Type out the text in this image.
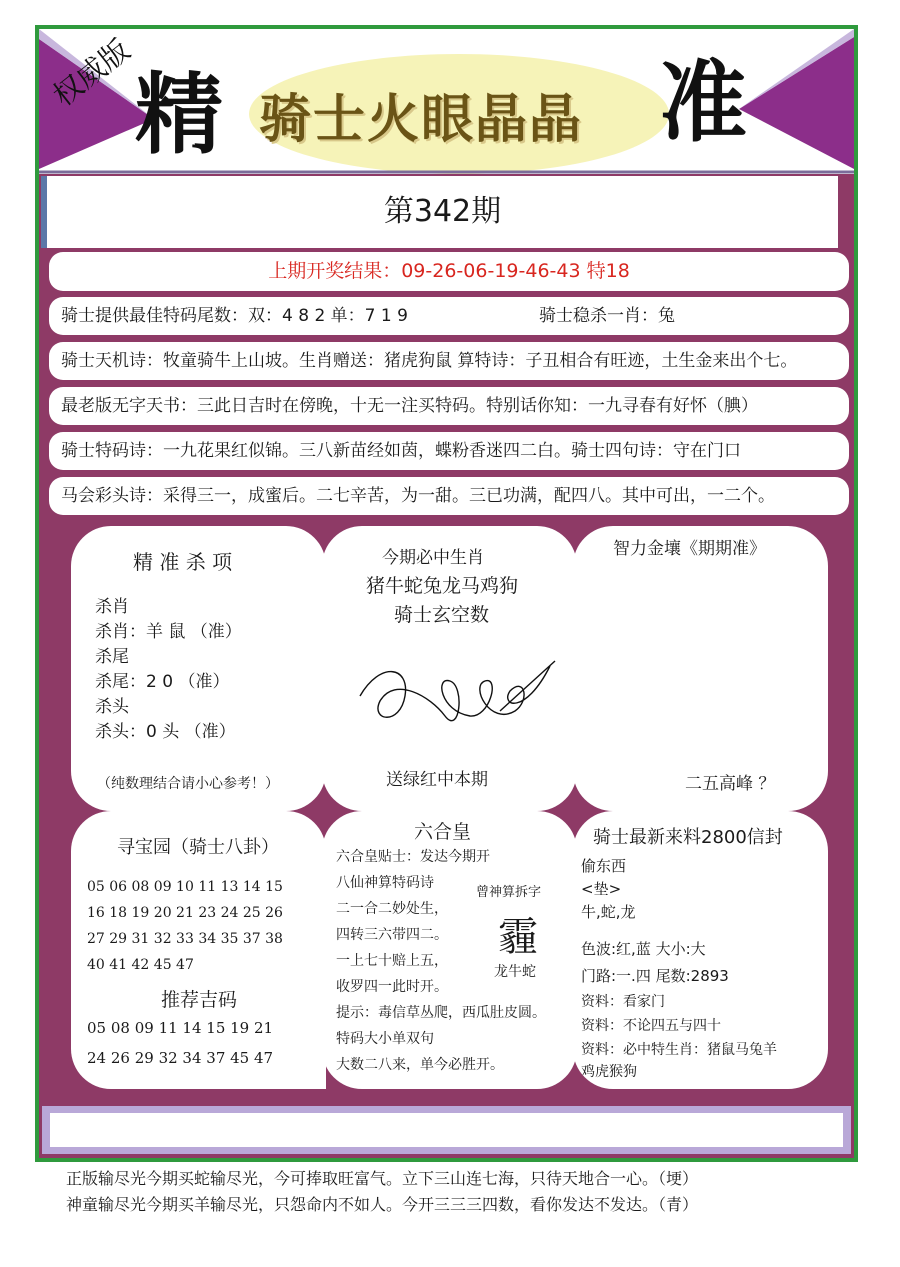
权威版
精 骑士火眼晶晶 准
第342期
上期开奖结果：09-26-06-19-46-43 特18
骑士提供最佳特码尾数：双：4 8 2 单：7 1 9	骑士稳杀一肖：兔
骑士天机诗：牧童骑牛上山坡。生肖赠送：猪虎狗鼠 算特诗：子丑相合有旺迹，土生金来出个七。
最老版无字天书：三此日吉时在傍晚，十无一注买特码。特别话你知：一九寻春有好怀（腆）
骑士特码诗：一九花果红似锦。三八新苗经如茵，蝶粉香迷四二白。骑士四句诗：守在门口
马会彩头诗：采得三一，成蜜后。二七辛苦，为一甜。三已功满，配四八。其中可出，一二个。
精 准 杀 项
杀肖
杀肖：羊 鼠 （准）
杀尾
杀尾：2 0 （准）
杀头
杀头：0 头 （准）
（纯数理结合请小心参考！）
今期必中生肖
猪牛蛇兔龙马鸡狗
骑士玄空数
送绿红中本期
智力金壤《期期准》
二五高峰 ？
寻宝园（骑士八卦）
05 06 08 09 10 11 13 14 15
16 18 19 20 21 23 24 25 26
27 29 31 32 33 34 35 37 38
40 41 42 45 47
推荐吉码
05 08 09 11 14 15 19 21
24 26 29 32 34 37 45 47
六合皇
六合皇贴士：发达今期开
八仙神算特码诗
二一合二妙处生，
四转三六带四二。
一上七十赔上五，
收罗四一此时开。
提示：毒信草丛爬，西瓜肚皮圆。
特码大小单双句
大数二八来，单今必胜开。
曾神算拆字
霾
龙牛蛇
骑士最新来料2800信封
偷东西
<垫>
牛,蛇,龙
色波:红,蓝 大小:大
门路:一.四 尾数:2893
资料：看家门
资料：不论四五与四十
资料：必中特生肖：猪鼠马兔羊
鸡虎猴狗
正版输尽光今期买蛇输尽光，今可捧取旺富气。立下三山连七海，只待天地合一心。（埂）
神童输尽光今期买羊输尽光，只怨命内不如人。今开三三三四数，看你发达不发达。（青）
